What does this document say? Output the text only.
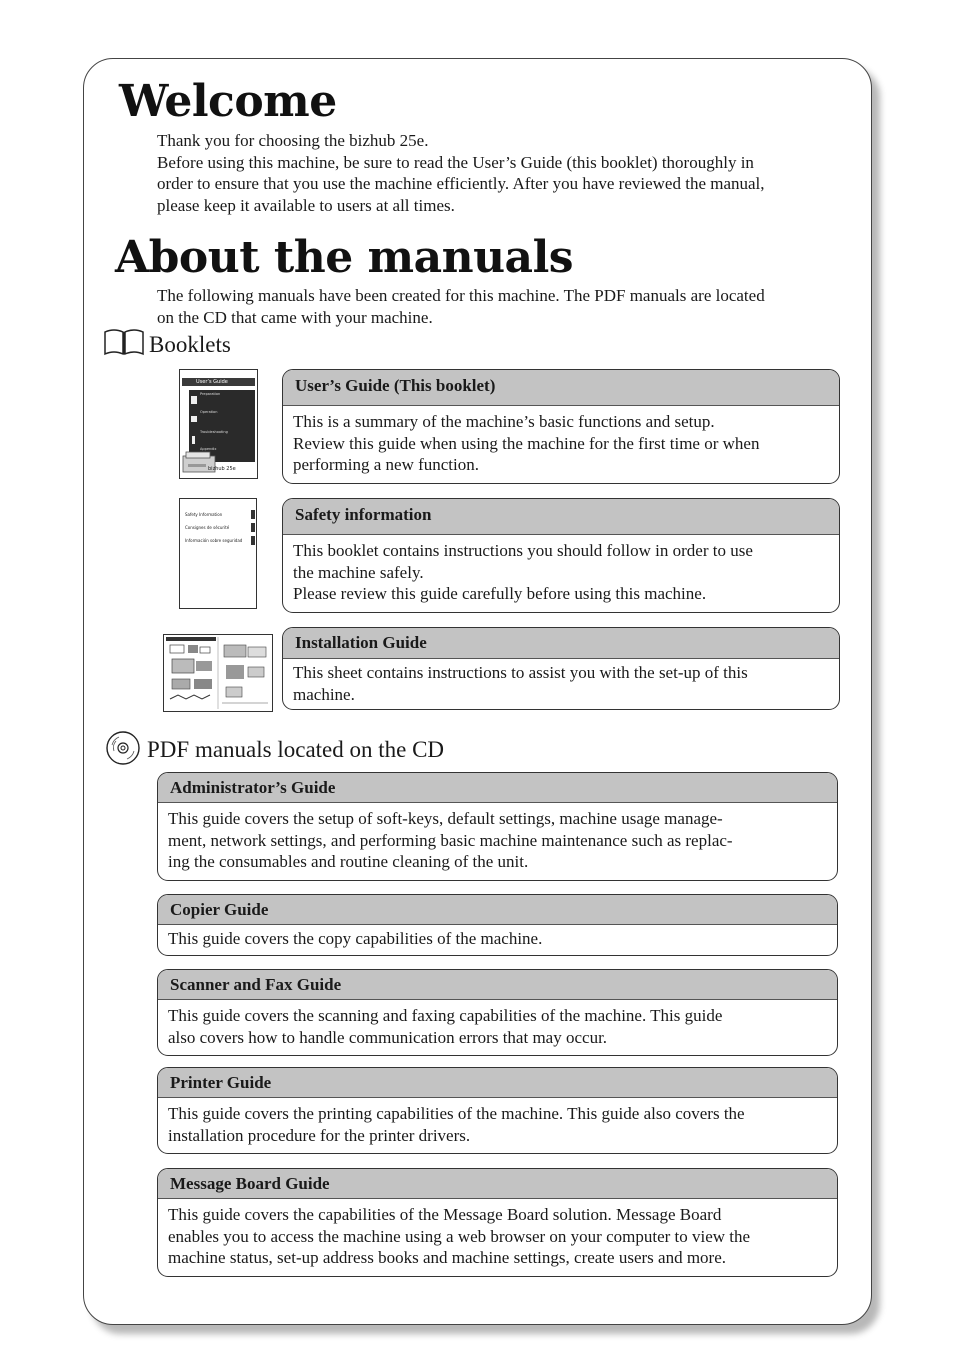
Welcome
Thank you for choosing the bizhub 25e.
Before using this machine, be sure to read the User’s Guide (this booklet) thoroughly in
order to ensure that you use the machine efficiently. After you have reviewed the manual,
please keep it available to users at all times.
About the manuals
The following manuals have been created for this machine. The PDF manuals are located
on the CD that came with your machine.
Booklets
User’s Guide
Preparation
Operation
Troubleshooting
Appendix
bizhub 25e
Safety Information
Consignes de sécurité
Información sobre seguridad
User’s Guide (This booklet)
This is a summary of the machine’s basic functions and setup.
Review this guide when using the machine for the first time or when
performing a new function.
Safety information
This booklet contains instructions you should follow in order to use
the machine safely.
Please review this guide carefully before using this machine.
Installation Guide
This sheet contains instructions to assist you with the set-up of this
machine.
PDF manuals located on the CD
Administrator’s Guide
This guide covers the setup of soft-keys, default settings, machine usage manage-
ment, network settings, and performing basic machine maintenance such as replac-
ing the consumables and routine cleaning of the unit.
Copier Guide
This guide covers the copy capabilities of the machine.
Scanner and Fax Guide
This guide covers the scanning and faxing capabilities of the machine. This guide
also covers how to handle communication errors that may occur.
Printer Guide
This guide covers the printing capabilities of the machine. This guide also covers the
installation procedure for the printer drivers.
Message Board Guide
This guide covers the capabilities of the Message Board solution. Message Board
enables you to access the machine using a web browser on your computer to view the
machine status, set-up address books and machine settings, create users and more.
